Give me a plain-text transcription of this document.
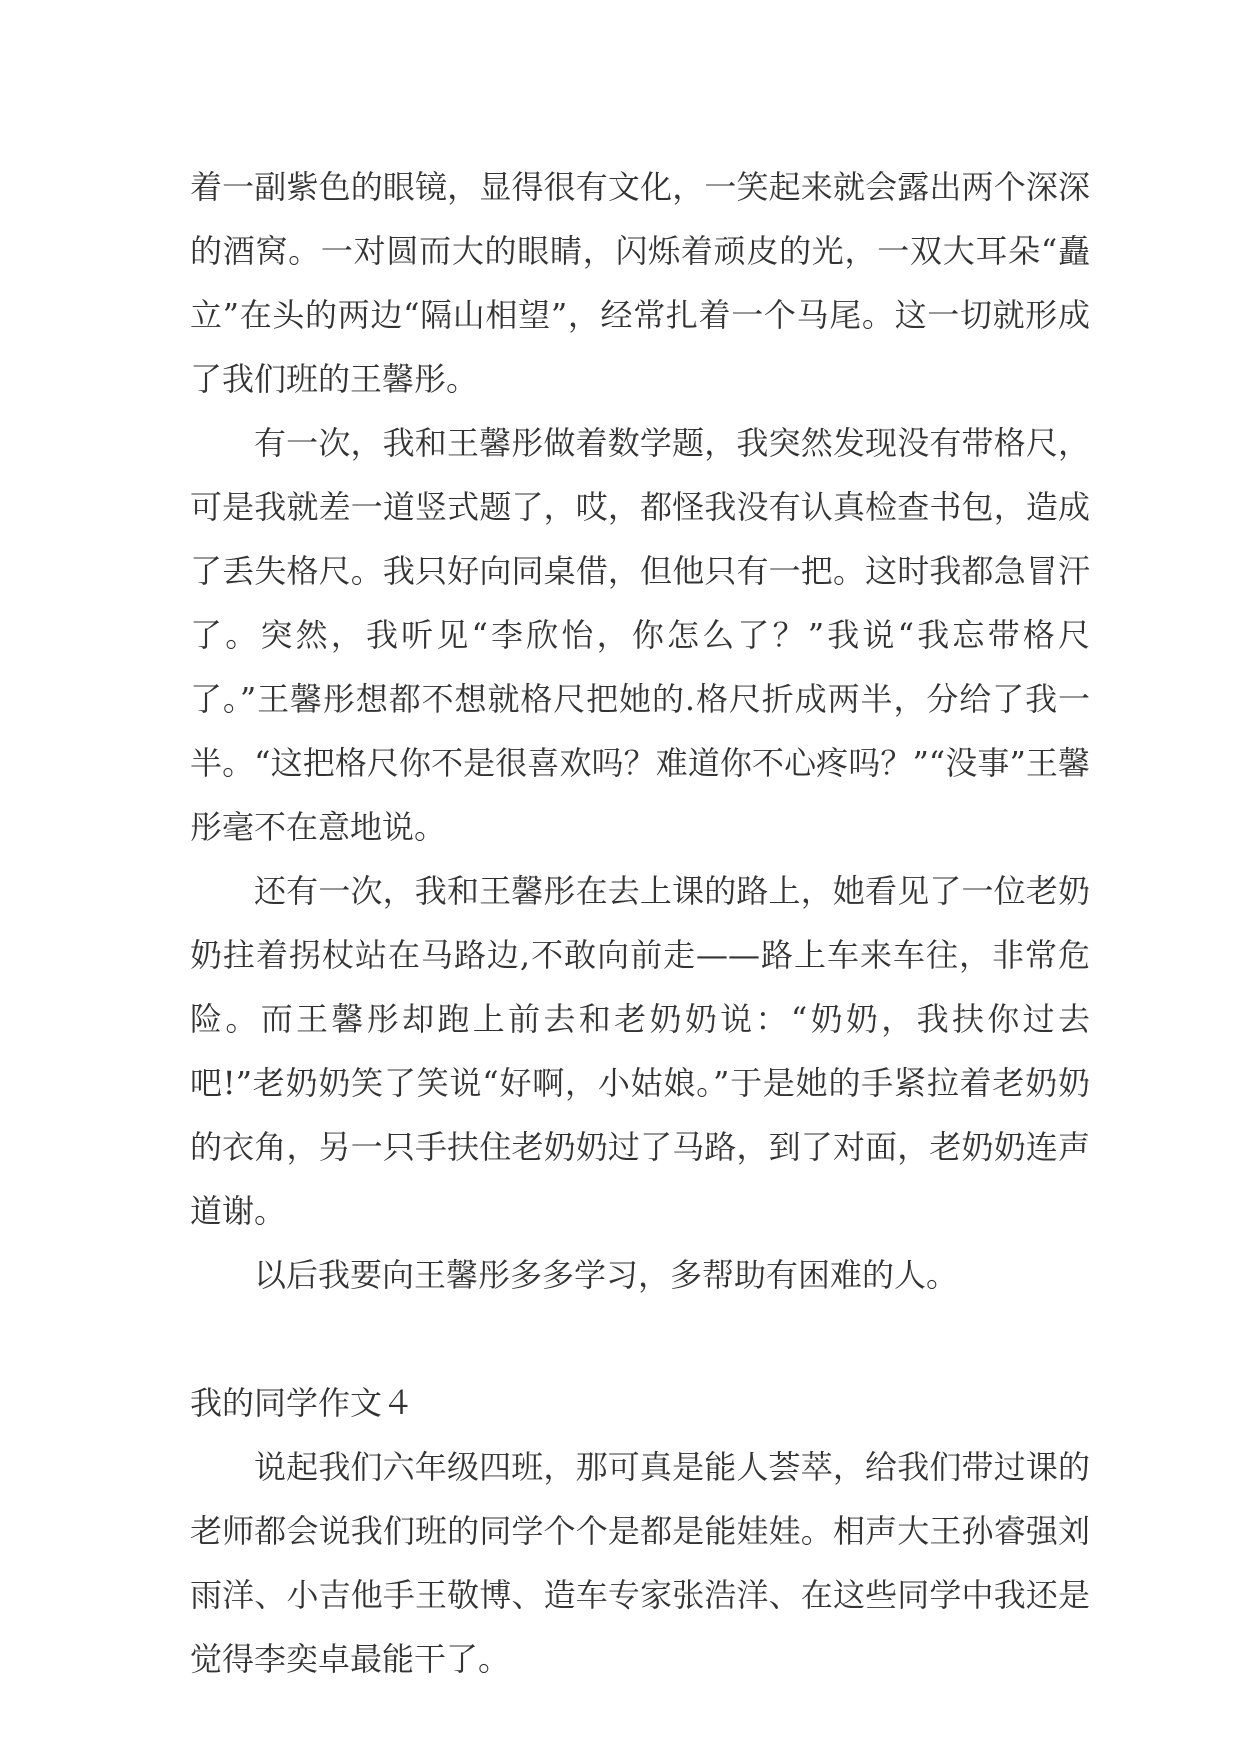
着一副紫色的眼镜，显得很有文化，一笑起来就会露出两个深深的酒窝。一对圆而大的眼睛，闪烁着顽皮的光，一双大耳朵“矗立”在头的两边“隔山相望”，经常扎着一个马尾。这一切就形成了我们班的王馨彤。

有一次，我和王馨彤做着数学题，我突然发现没有带格尺，可是我就差一道竖式题了，哎，都怪我没有认真检查书包，造成了丢失格尺。我只好向同桌借，但他只有一把。这时我都急冒汗了。突然，我听见“李欣怡，你怎么了？”我说“我忘带格尺了。”王馨彤想都不想就格尺把她的.格尺折成两半，分给了我一半。“这把格尺你不是很喜欢吗？难道你不心疼吗？”“没事”王馨彤毫不在意地说。

还有一次，我和王馨彤在去上课的路上，她看见了一位老奶奶拄着拐杖站在马路边,不敢向前走——路上车来车往，非常危险。而王馨彤却跑上前去和老奶奶说：“奶奶，我扶你过去吧!”老奶奶笑了笑说“好啊，小姑娘。”于是她的手紧拉着老奶奶的衣角，另一只手扶住老奶奶过了马路，到了对面，老奶奶连声道谢。

以后我要向王馨彤多多学习，多帮助有困难的人。

我的同学作文４

说起我们六年级四班，那可真是能人荟萃，给我们带过课的老师都会说我们班的同学个个是都是能娃娃。相声大王孙睿强刘雨洋、小吉他手王敬博、造车专家张浩洋、在这些同学中我还是觉得李奕卓最能干了。
